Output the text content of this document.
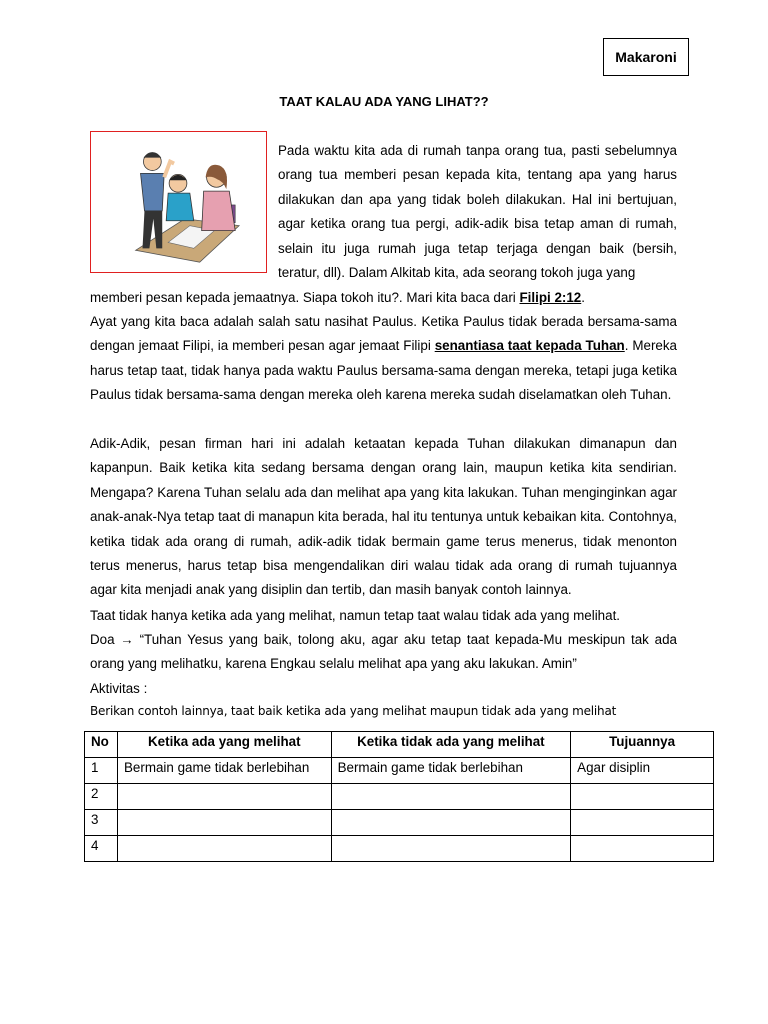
Makaroni
TAAT KALAU ADA YANG LIHAT??

Pada waktu kita ada di rumah tanpa orang tua, pasti sebelumnya orang tua memberi pesan kepada kita, tentang apa yang harus dilakukan dan apa yang tidak boleh dilakukan. Hal ini bertujuan, agar ketika orang tua pergi, adik-adik bisa tetap aman di rumah, selain itu juga rumah juga tetap terjaga dengan baik (bersih, teratur, dll). Dalam Alkitab kita, ada seorang tokoh juga yang

memberi pesan kepada jemaatnya. Siapa tokoh itu?. Mari kita baca dari Filipi 2:12.

Ayat yang kita baca adalah salah satu nasihat Paulus. Ketika Paulus tidak berada bersama-sama dengan jemaat Filipi, ia memberi pesan agar jemaat Filipi senantiasa taat kepada Tuhan. Mereka harus tetap taat, tidak hanya pada waktu Paulus bersama-sama dengan mereka, tetapi juga ketika Paulus tidak bersama-sama dengan mereka oleh karena mereka sudah diselamatkan oleh Tuhan.

Adik-Adik, pesan firman hari ini adalah ketaatan kepada Tuhan dilakukan dimanapun dan kapanpun. Baik ketika kita sedang bersama dengan orang lain, maupun ketika kita sendirian. Mengapa? Karena Tuhan selalu ada dan melihat apa yang kita lakukan. Tuhan menginginkan agar anak-anak-Nya tetap taat di manapun kita berada, hal itu tentunya untuk kebaikan kita. Contohnya, ketika tidak ada orang di rumah, adik-adik tidak bermain game terus menerus, tidak menonton terus menerus, harus tetap bisa mengendalikan diri walau tidak ada orang di rumah tujuannya agar kita menjadi anak yang disiplin dan tertib, dan masih banyak contoh lainnya.

Taat tidak hanya ketika ada yang melihat, namun tetap taat walau tidak ada yang melihat.

Doa → “Tuhan Yesus yang baik, tolong aku, agar aku tetap taat kepada-Mu meskipun tak ada orang yang melihatku, karena Engkau selalu melihat apa yang aku lakukan. Amin”

Aktivitas :

Berikan contoh lainnya, taat baik ketika ada yang melihat maupun tidak ada yang melihat
No	Ketika ada yang melihat	Ketika tidak ada yang melihat	Tujuannya
1	Bermain game tidak berlebihan	Bermain game tidak berlebihan	Agar disiplin
2			
3			
4			
